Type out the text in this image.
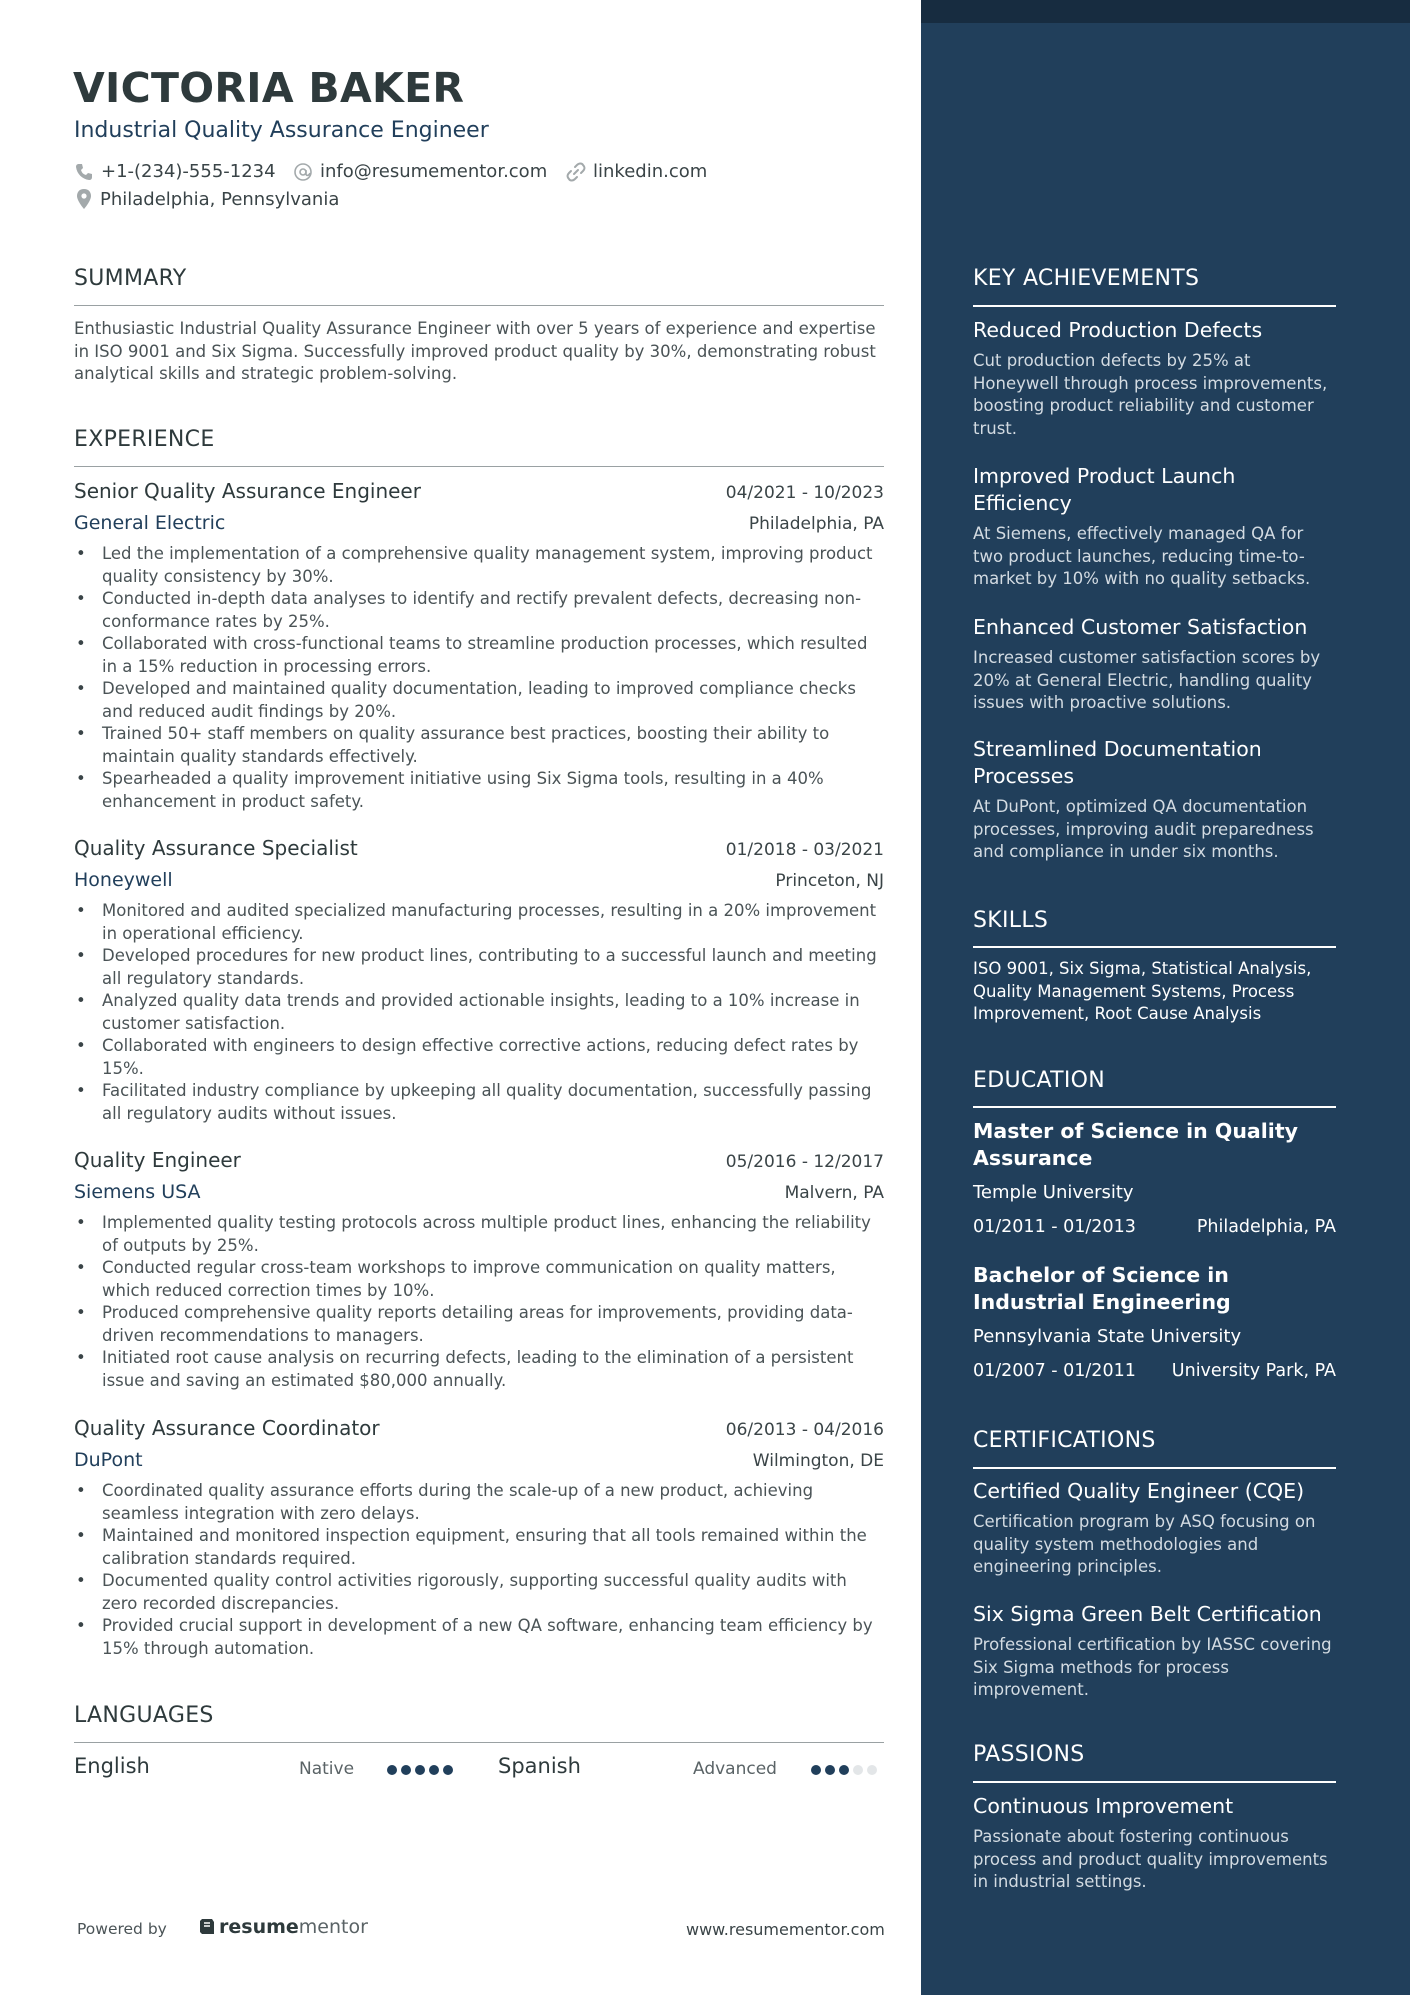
VICTORIA BAKER
Industrial Quality Assurance Engineer
+1-(234)-555-1234 info@resumementor.com	linkedin.com
Philadelphia, Pennsylvania
SUMMARY
Enthusiastic Industrial Quality Assurance Engineer with over 5 years of experience and expertise in ISO 9001 and Six Sigma. Successfully improved product quality by 30%, demonstrating robust analytical skills and strategic problem-solving.
EXPERIENCE
Senior Quality Assurance Engineer	04/2021 - 10/2023
General Electric	Philadelphia, PA
• Led the implementation of a comprehensive quality management system, improving product quality consistency by 30%.
• Conducted in-depth data analyses to identify and rectify prevalent defects, decreasing non-conformance rates by 25%.
• Collaborated with cross-functional teams to streamline production processes, which resulted in a 15% reduction in processing errors.
• Developed and maintained quality documentation, leading to improved compliance checks and reduced audit findings by 20%.
• Trained 50+ staff members on quality assurance best practices, boosting their ability to maintain quality standards effectively.
• Spearheaded a quality improvement initiative using Six Sigma tools, resulting in a 40% enhancement in product safety.
Quality Assurance Specialist	01/2018 - 03/2021
Honeywell	Princeton, NJ
• Monitored and audited specialized manufacturing processes, resulting in a 20% improvement in operational efficiency.
• Developed procedures for new product lines, contributing to a successful launch and meeting all regulatory standards.
• Analyzed quality data trends and provided actionable insights, leading to a 10% increase in customer satisfaction.
• Collaborated with engineers to design effective corrective actions, reducing defect rates by 15%.
• Facilitated industry compliance by upkeeping all quality documentation, successfully passing all regulatory audits without issues.
Quality Engineer	05/2016 - 12/2017
Siemens USA	Malvern, PA
• Implemented quality testing protocols across multiple product lines, enhancing the reliability of outputs by 25%.
• Conducted regular cross-team workshops to improve communication on quality matters, which reduced correction times by 10%.
• Produced comprehensive quality reports detailing areas for improvements, providing data-driven recommendations to managers.
• Initiated root cause analysis on recurring defects, leading to the elimination of a persistent issue and saving an estimated $80,000 annually.
Quality Assurance Coordinator	06/2013 - 04/2016
DuPont	Wilmington, DE
• Coordinated quality assurance efforts during the scale-up of a new product, achieving seamless integration with zero delays.
• Maintained and monitored inspection equipment, ensuring that all tools remained within the calibration standards required.
• Documented quality control activities rigorously, supporting successful quality audits with zero recorded discrepancies.
• Provided crucial support in development of a new QA software, enhancing team efficiency by 15% through automation.
LANGUAGES
English	Native	Spanish	Advanced
Powered by	resume mentor	www.resumementor.com
KEY ACHIEVEMENTS
Reduced Production Defects
Cut production defects by 25% at Honeywell through process improvements, boosting product reliability and customer trust.
Improved Product Launch Efficiency
At Siemens, effectively managed QA for two product launches, reducing time-to-market by 10% with no quality setbacks.
Enhanced Customer Satisfaction
Increased customer satisfaction scores by 20% at General Electric, handling quality issues with proactive solutions.
Streamlined Documentation Processes
At DuPont, optimized QA documentation processes, improving audit preparedness and compliance in under six months.
SKILLS
ISO 9001, Six Sigma, Statistical Analysis, Quality Management Systems, Process Improvement, Root Cause Analysis
EDUCATION
Master of Science in Quality Assurance
Temple University
01/2011 - 01/2013	Philadelphia, PA
Bachelor of Science in Industrial Engineering
Pennsylvania State University
01/2007 - 01/2011 University Park, PA
CERTIFICATIONS
Certified Quality Engineer (CQE)
Certification program by ASQ focusing on quality system methodologies and engineering principles.
Six Sigma Green Belt Certification
Professional certification by IASSC covering Six Sigma methods for process improvement.
PASSIONS
Continuous Improvement
Passionate about fostering continuous process and product quality improvements in industrial settings.
